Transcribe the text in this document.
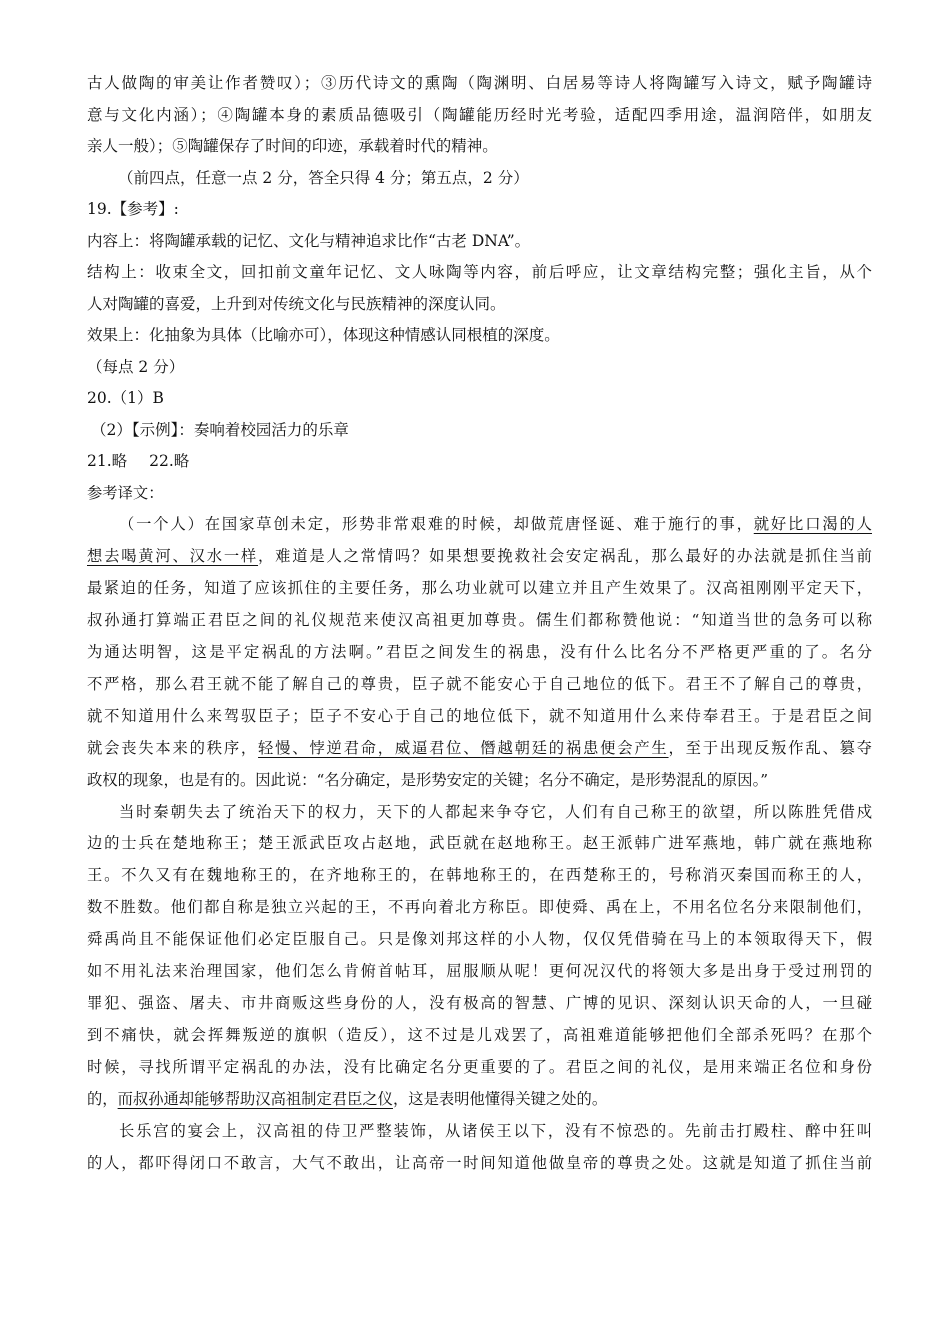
古人做陶的审美让作者赞叹）；③历代诗文的熏陶（陶渊明、白居易等诗人将陶罐写入诗文，赋予陶罐诗
意与文化内涵）；④陶罐本身的素质品德吸引（陶罐能历经时光考验，适配四季用途，温润陪伴，如朋友
亲人一般）；⑤陶罐保存了时间的印迹，承载着时代的精神。
（前四点，任意一点 2 分，答全只得 4 分；第五点，2 分）
19.【参考】:
内容上：将陶罐承载的记忆、文化与精神追求比作“古老 DNA”。
结构上：收束全文，回扣前文童年记忆、文人咏陶等内容，前后呼应，让文章结构完整；强化主旨，从个
人对陶罐的喜爱，上升到对传统文化与民族精神的深度认同。
效果上：化抽象为具体（比喻亦可），体现这种情感认同根植的深度。
（每点 2 分）
20.（1）B
（2）【示例】：奏响着校园活力的乐章
21.略 22.略
参考译文：
（一个人）在国家草创未定，形势非常艰难的时候，却做荒唐怪诞、难于施行的事，就好比口渴的人
想去喝黄河、汉水一样，难道是人之常情吗？如果想要挽救社会安定祸乱，那么最好的办法就是抓住当前
最紧迫的任务，知道了应该抓住的主要任务，那么功业就可以建立并且产生效果了。汉高祖刚刚平定天下，
叔孙通打算端正君臣之间的礼仪规范来使汉高祖更加尊贵。儒生们都称赞他说：“知道当世的急务可以称
为通达明智，这是平定祸乱的方法啊。”君臣之间发生的祸患，没有什么比名分不严格更严重的了。名分
不严格，那么君王就不能了解自己的尊贵，臣子就不能安心于自己地位的低下。君王不了解自己的尊贵，
就不知道用什么来驾驭臣子；臣子不安心于自己的地位低下，就不知道用什么来侍奉君王。于是君臣之间
就会丧失本来的秩序，轻慢、悖逆君命，威逼君位、僭越朝廷的祸患便会产生，至于出现反叛作乱、篡夺
政权的现象，也是有的。因此说：“名分确定，是形势安定的关键；名分不确定，是形势混乱的原因。”
当时秦朝失去了统治天下的权力，天下的人都起来争夺它，人们有自己称王的欲望，所以陈胜凭借戍
边的士兵在楚地称王；楚王派武臣攻占赵地，武臣就在赵地称王。赵王派韩广进军燕地，韩广就在燕地称
王。不久又有在魏地称王的，在齐地称王的，在韩地称王的，在西楚称王的，号称消灭秦国而称王的人，
数不胜数。他们都自称是独立兴起的王，不再向着北方称臣。即使舜、禹在上，不用名位名分来限制他们，
舜禹尚且不能保证他们必定臣服自己。只是像刘邦这样的小人物，仅仅凭借骑在马上的本领取得天下，假
如不用礼法来治理国家，他们怎么肯俯首帖耳，屈服顺从呢！更何况汉代的将领大多是出身于受过刑罚的
罪犯、强盗、屠夫、市井商贩这些身份的人，没有极高的智慧、广博的见识、深刻认识天命的人，一旦碰
到不痛快，就会挥舞叛逆的旗帜（造反），这不过是儿戏罢了，高祖难道能够把他们全部杀死吗？在那个
时候，寻找所谓平定祸乱的办法，没有比确定名分更重要的了。君臣之间的礼仪，是用来端正名位和身份
的，而叔孙通却能够帮助汉高祖制定君臣之仪，这是表明他懂得关键之处的。
长乐宫的宴会上，汉高祖的侍卫严整装饰，从诸侯王以下，没有不惊恐的。先前击打殿柱、醉中狂叫
的人，都吓得闭口不敢言，大气不敢出，让高帝一时间知道他做皇帝的尊贵之处。这就是知道了抓住当前
